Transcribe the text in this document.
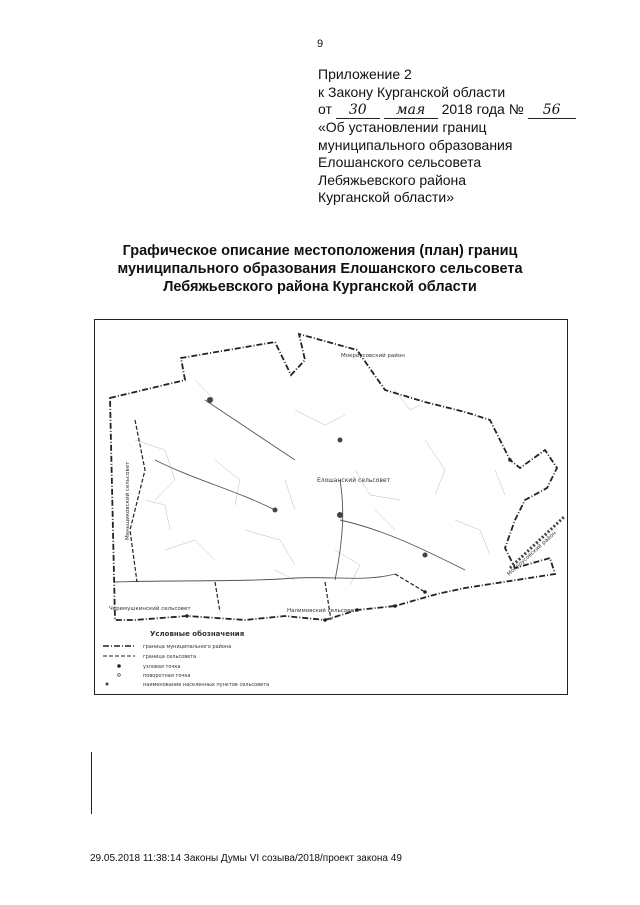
9
Приложение 2
к Закону Курганской области
от 30 мая 2018 года № 56
«Об установлении границ
муниципального образования
Елошанского сельсовета
Лебяжьевского района
Курганской области»
Графическое описание местоположения (план) границ
муниципального образования Елошанского сельсовета
Лебяжьевского района Курганской области
Мокроусовский район
Елошанский сельсовет
Меньщиковский сельсовет
Мокроусовский район
Черемушкинский сельсовет	Налимовский сельсовет
Условные обозначения
граница муниципального района
граница сельсовета
узловая точка
поворотная точка
наименование населенных пунктов сельсовета
29.05.2018 11:38:14 Законы Думы VI созыва/2018/проект закона 49
